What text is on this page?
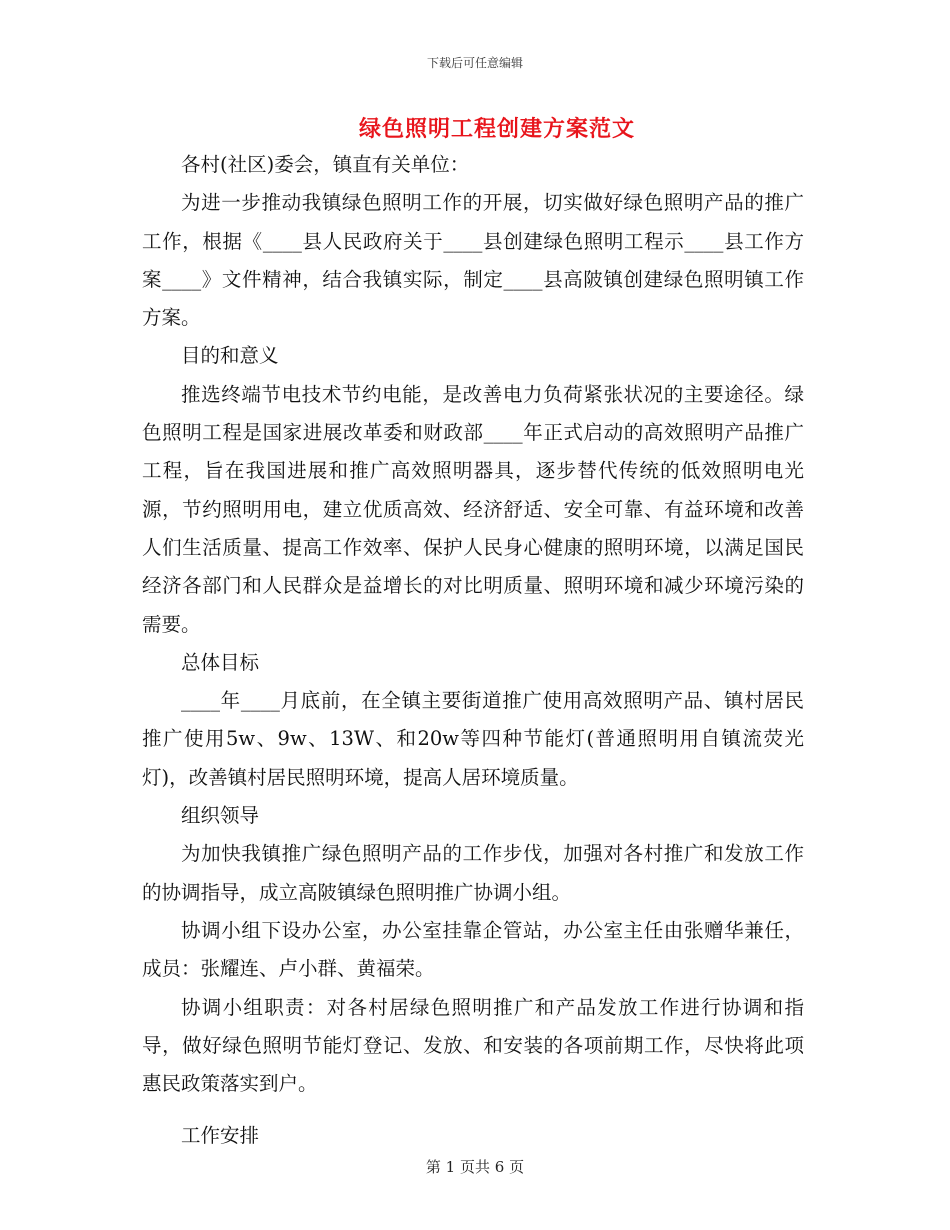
下载后可任意编辑
绿色照明工程创建方案范文

各村(社区)委会，镇直有关单位：

为进一步推动我镇绿色照明工作的开展，切实做好绿色照明产品的推广工作，根据《____县人民政府关于____县创建绿色照明工程示____县工作方案____》文件精神，结合我镇实际，制定____县高陂镇创建绿色照明镇工作方案。

目的和意义

推选终端节电技术节约电能，是改善电力负荷紧张状况的主要途径。绿色照明工程是国家进展改革委和财政部____年正式启动的高效照明产品推广工程，旨在我国进展和推广高效照明器具，逐步替代传统的低效照明电光源，节约照明用电，建立优质高效、经济舒适、安全可靠、有益环境和改善人们生活质量、提高工作效率、保护人民身心健康的照明环境，以满足国民经济各部门和人民群众是益增长的对比明质量、照明环境和减少环境污染的需要。

总体目标

____年____月底前，在全镇主要街道推广使用高效照明产品、镇村居民推广使用5w、9w、13W、和20w等四种节能灯(普通照明用自镇流荧光灯)，改善镇村居民照明环境，提高人居环境质量。

组织领导

为加快我镇推广绿色照明产品的工作步伐，加强对各村推广和发放工作的协调指导，成立高陂镇绿色照明推广协调小组。

协调小组下设办公室，办公室挂靠企管站，办公室主任由张赠华兼任，成员：张耀连、卢小群、黄福荣。

协调小组职责：对各村居绿色照明推广和产品发放工作进行协调和指导，做好绿色照明节能灯登记、发放、和安装的各项前期工作，尽快将此项惠民政策落实到户。

工作安排

第 1 页共 6 页
